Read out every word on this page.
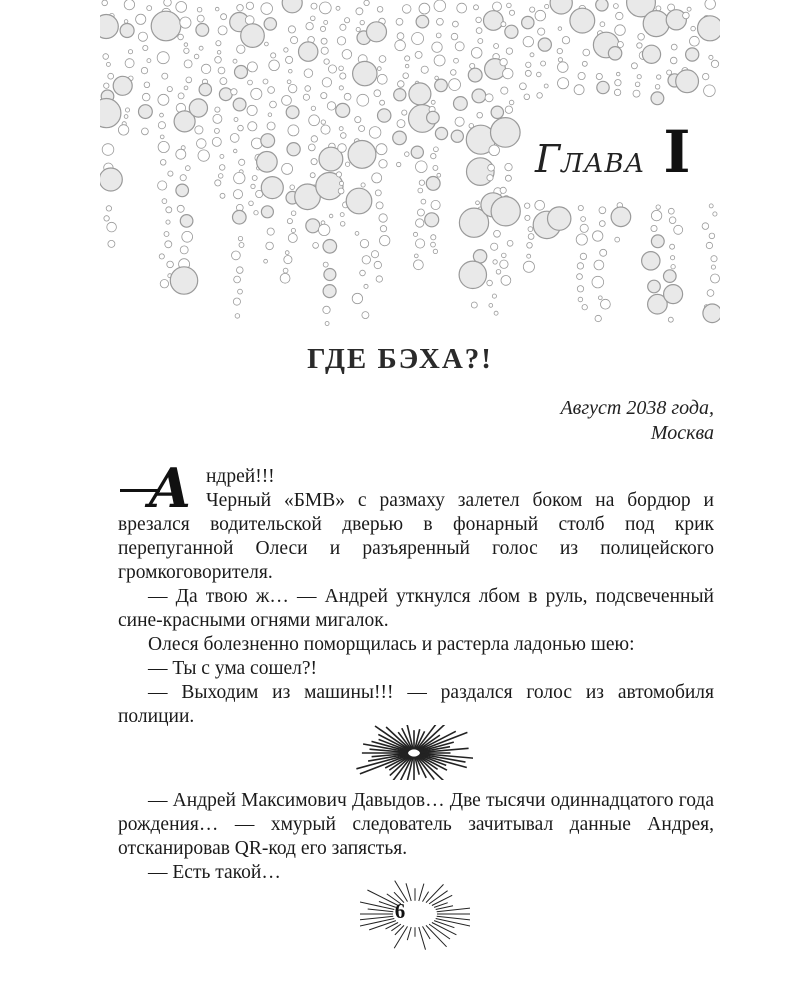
ГЛАВА I
ГДЕ БЭХА?!
Август 2038 года,
Москва
А ндрей!!!

Черный «БМВ» с размаху залетел боком на бордюр и врезался водительской дверью в фонарный столб под крик перепуганной Олеси и разъяренный голос из полицейского громкоговорителя.

— Да твою ж… — Андрей уткнулся лбом в руль, подсвеченный сине-красными огнями мигалок.

Олеся болезненно поморщилась и растерла ладонью шею:

— Ты с ума сошел?!

— Выходим из машины!!! — раздался голос из автомобиля полиции.

— Андрей Максимович Давыдов… Две тысячи одиннадцатого года рождения… — хмурый следователь зачитывал данные Андрея, отсканировав QR-код его запястья.

— Есть такой…

6
